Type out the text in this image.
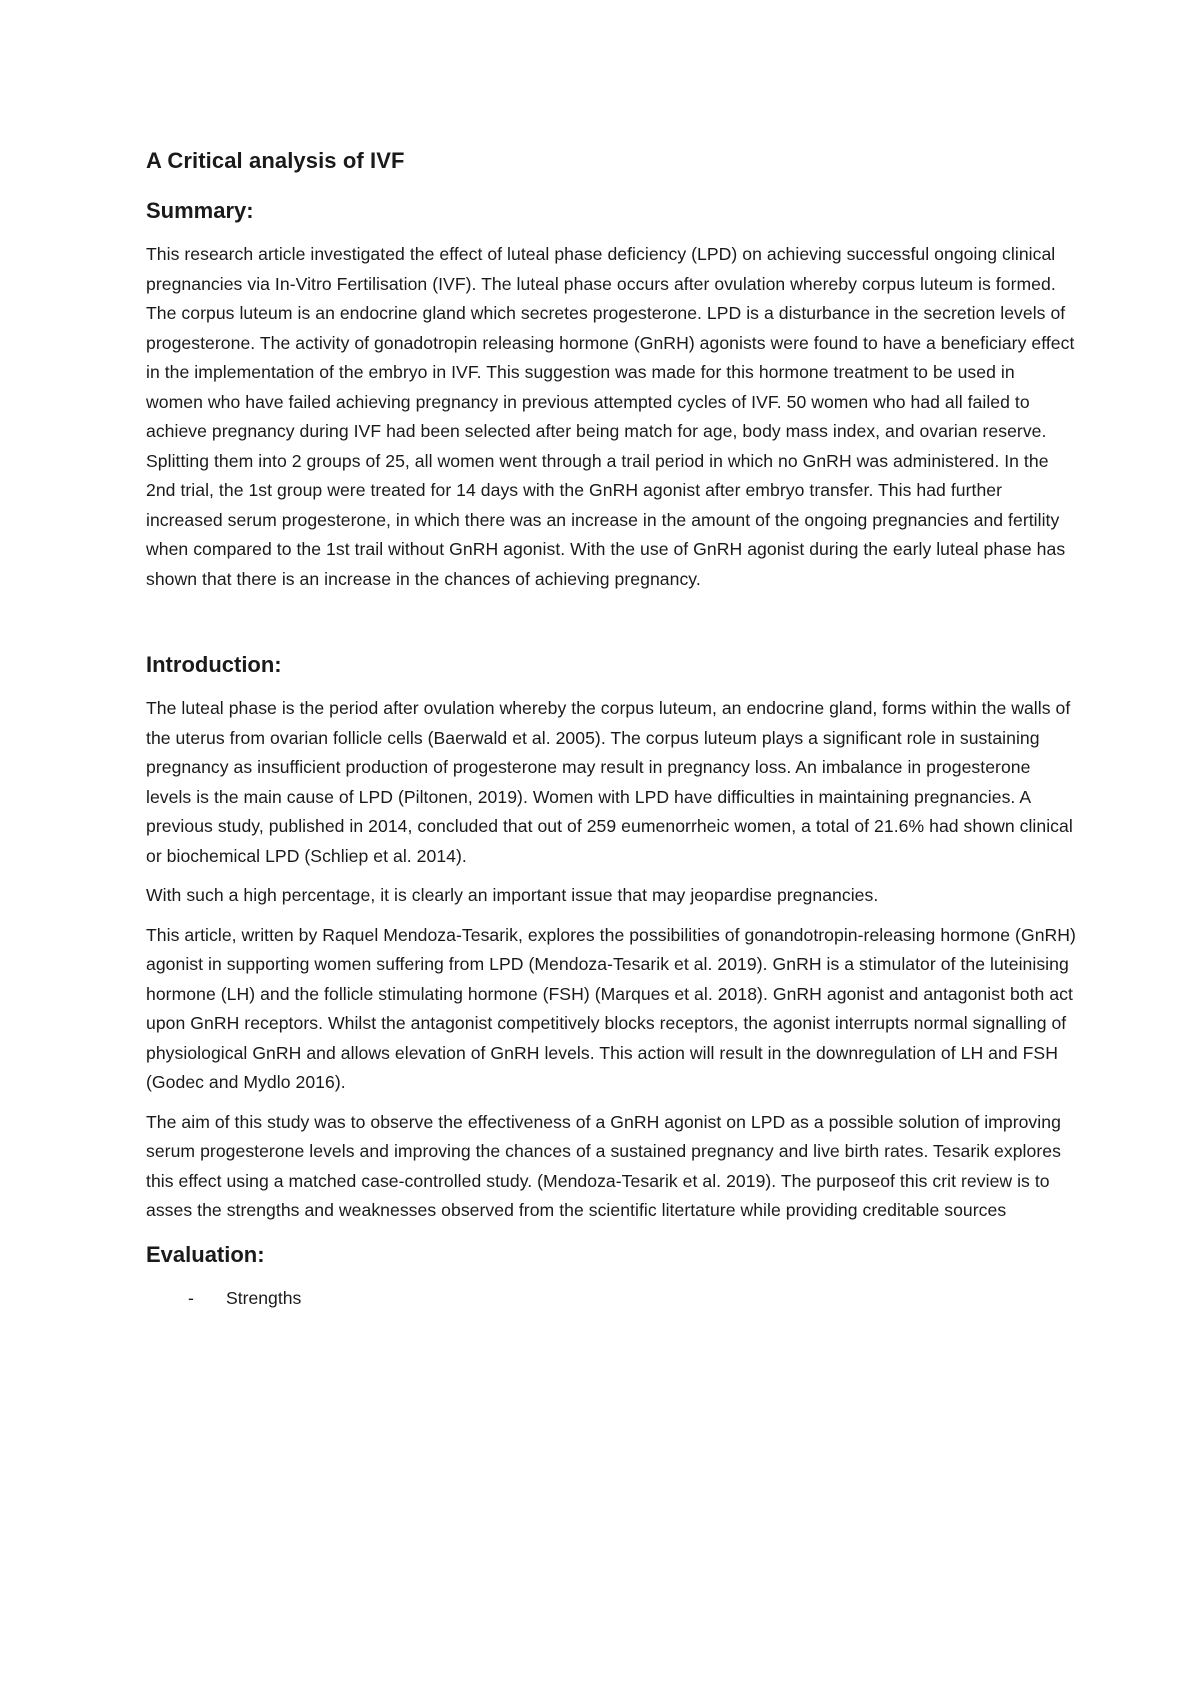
A Critical analysis of IVF
Summary:

This research article investigated the effect of luteal phase deficiency (LPD) on achieving successful ongoing clinical pregnancies via In-Vitro Fertilisation (IVF). The luteal phase occurs after ovulation whereby corpus luteum is formed. The corpus luteum is an endocrine gland which secretes progesterone. LPD is a disturbance in the secretion levels of progesterone. The activity of gonadotropin releasing hormone (GnRH) agonists were found to have a beneficiary effect in the implementation of the embryo in IVF. This suggestion was made for this hormone treatment to be used in women who have failed achieving pregnancy in previous attempted cycles of IVF. 50 women who had all failed to achieve pregnancy during IVF had been selected after being match for age, body mass index, and ovarian reserve. Splitting them into 2 groups of 25, all women went through a trail period in which no GnRH was administered. In the 2nd trial, the 1st group were treated for 14 days with the GnRH agonist after embryo transfer. This had further increased serum progesterone, in which there was an increase in the amount of the ongoing pregnancies and fertility when compared to the 1st trail without GnRH agonist. With the use of GnRH agonist during the early luteal phase has shown that there is an increase in the chances of achieving pregnancy.

Introduction:

The luteal phase is the period after ovulation whereby the corpus luteum, an endocrine gland, forms within the walls of the uterus from ovarian follicle cells (Baerwald et al. 2005). The corpus luteum plays a significant role in sustaining pregnancy as insufficient production of progesterone may result in pregnancy loss. An imbalance in progesterone levels is the main cause of LPD (Piltonen, 2019). Women with LPD have difficulties in maintaining pregnancies. A previous study, published in 2014, concluded that out of 259 eumenorrheic women, a total of 21.6% had shown clinical or biochemical LPD (Schliep et al. 2014).

With such a high percentage, it is clearly an important issue that may jeopardise pregnancies.

This article, written by Raquel Mendoza-Tesarik, explores the possibilities of gonandotropin-releasing hormone (GnRH) agonist in supporting women suffering from LPD (Mendoza-Tesarik et al. 2019). GnRH is a stimulator of the luteinising hormone (LH) and the follicle stimulating hormone (FSH) (Marques et al. 2018). GnRH agonist and antagonist both act upon GnRH receptors. Whilst the antagonist competitively blocks receptors, the agonist interrupts normal signalling of physiological GnRH and allows elevation of GnRH levels. This action will result in the downregulation of LH and FSH (Godec and Mydlo 2016).

The aim of this study was to observe the effectiveness of a GnRH agonist on LPD as a possible solution of improving serum progesterone levels and improving the chances of a sustained pregnancy and live birth rates. Tesarik explores this effect using a matched case-controlled study. (Mendoza-Tesarik et al. 2019). The purposeof this crit review is to asses the strengths and weaknesses observed from the scientific litertature while providing creditable sources

Evaluation:
-	Strengths
